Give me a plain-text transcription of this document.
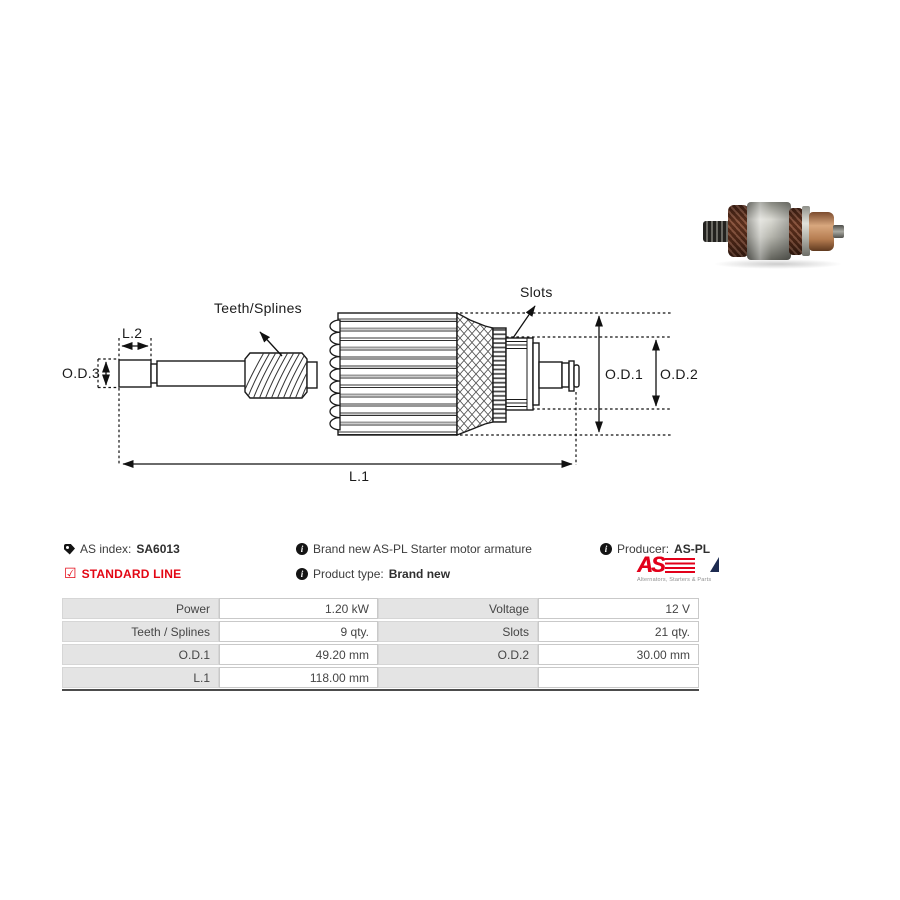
Teeth/Splines
Slots
L.2
O.D.3	O.D.1 O.D.2
L.1
AS index: SA6013
☑ STANDARD LINE
i Brand new AS-PL Starter motor armature
i Product type: Brand new
i Producer: AS-PL
AS
Alternators, Starters & Parts
Power	1.20 kW	Voltage	12 V
Teeth / Splines	9 qty.	Slots	21 qty.
O.D.1	49.20 mm	O.D.2	30.00 mm
L.1	118.00 mm
